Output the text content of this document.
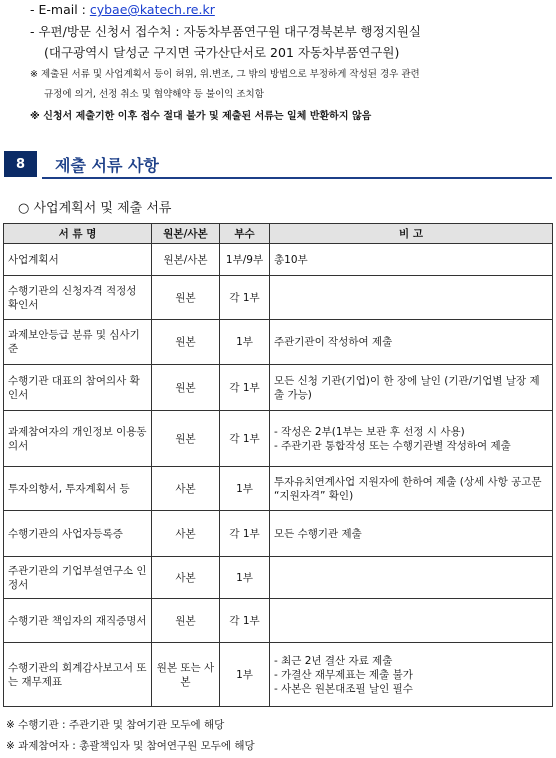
- E-mail : cybae@katech.re.kr
- 우편/방문 신청서 접수처 : 자동차부품연구원 대구경북본부 행정지원실
(대구광역시 달성군 구지면 국가산단서로 201 자동차부품연구원)
※ 제출된 서류 및 사업계획서 등이 허위, 위.변조, 그 밖의 방법으로 부정하게 작성된 경우 관련
규정에 의거, 선정 취소 및 협약해약 등 불이익 조치함
※ 신청서 제출기한 이후 접수 절대 불가 및 제출된 서류는 일체 반환하지 않음
8	제출 서류 사항
○ 사업계획서 및 제출 서류
서 류 명	원본/사본	부수	비 고
사업계획서	원본/사본	1부/9부	총10부
수행기관의 신청자격 적정성 확인서	원본	각 1부	
과제보안등급 분류 및 심사기준	원본	1부	주관기관이 작성하여 제출
수행기관 대표의 참여의사 확인서	원본	각 1부	모든 신청 기관(기업)이 한 장에 날인 (기관/기업별 날장 제출 가능)
과제참여자의 개인정보 이용동의서	원본	각 1부	- 작성은 2부(1부는 보관 후 선정 시 사용)
- 주관기관 통합작성 또는 수행기관별 작성하여 제출
투자의향서, 투자계획서 등	사본	1부	투자유치연계사업 지원자에 한하여 제출 (상세 사항 공고문 “지원자격” 확인)
수행기관의 사업자등록증	사본	각 1부	모든 수행기관 제출
주관기관의 기업부설연구소 인정서	사본	1부	
수행기관 책임자의 재직증명서	원본	각 1부	
수행기관의 회계감사보고서 또는 재무제표	원본 또는 사본	1부	- 최근 2년 결산 자료 제출
- 가결산 재무제표는 제출 불가
- 사본은 원본대조필 날인 필수
※ 수행기관 : 주관기관 및 참여기관 모두에 해당
※ 과제참여자 : 총괄책임자 및 참여연구원 모두에 해당
